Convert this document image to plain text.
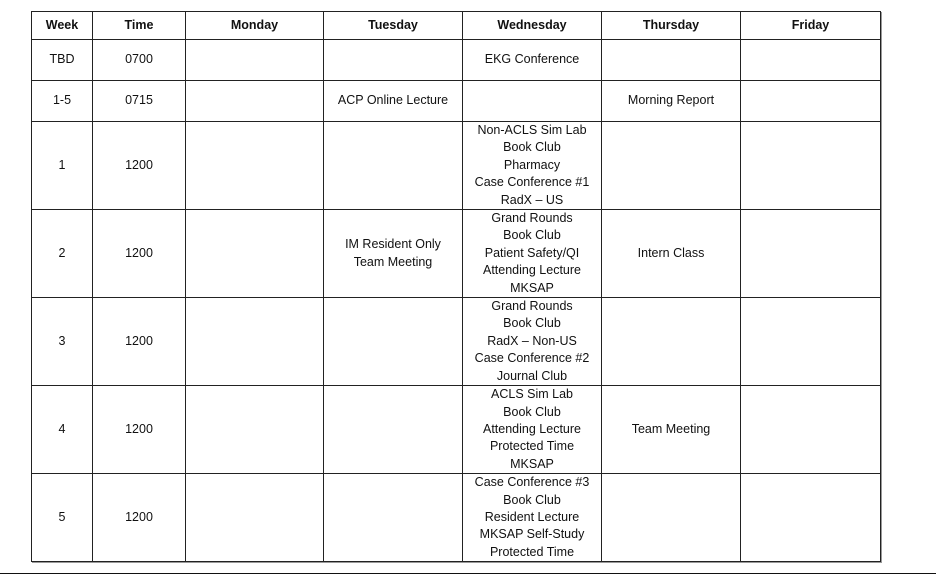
Week	Time	Monday	Tuesday	Wednesday	Thursday	Friday
TBD	0700			EKG Conference		

1-5	0715		ACP Online Lecture		Morning Report	

1	1200			Non-ACLS Sim Lab
Book Club
Pharmacy
Case Conference #1
RadX – US		

2	1200		IM Resident Only
Team Meeting	Grand Rounds
Book Club
Patient Safety/QI
Attending Lecture
MKSAP	Intern Class	

3	1200			Grand Rounds
Book Club
RadX – Non-US
Case Conference #2
Journal Club		

4	1200			ACLS Sim Lab
Book Club
Attending Lecture
Protected Time
MKSAP	Team Meeting	

5	1200			Case Conference #3
Book Club
Resident Lecture
MKSAP Self-Study
Protected Time		
